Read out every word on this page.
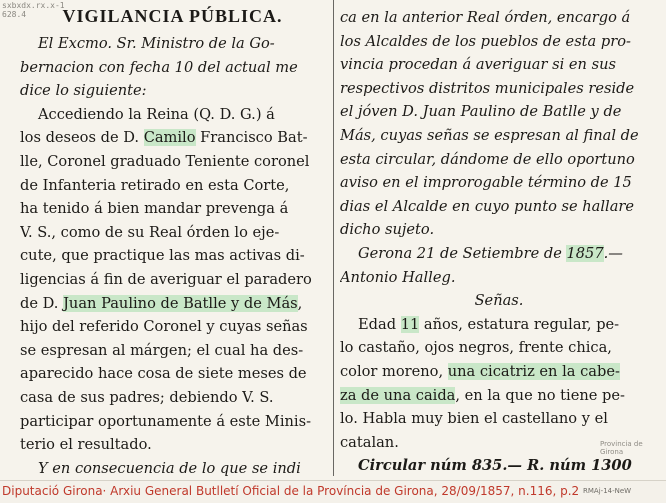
sxbxdx.rx.x-1
628.4	VIGILANCIA PÚBLICA.
El Excmo. Sr. Ministro de la Go-
bernacion con fecha 10 del actual me
dice lo siguiente:
Accediendo la Reina (Q. D. G.) á
los deseos de D. Camilo Francisco Bat-
lle, Coronel graduado Teniente coronel
de Infanteria retirado en esta Corte,
ha tenido á bien mandar prevenga á
V. S., como de su Real órden lo eje-
cute, que practique las mas activas di-
ligencias á fin de averiguar el paradero
de D. Juan Paulino de Batlle y de Más,
hijo del referido Coronel y cuyas señas
se espresan al márgen; el cual ha des-
aparecido hace cosa de siete meses de
casa de sus padres; debiendo V. S.
participar oportunamente á este Minis-
terio el resultado.
Y en consecuencia de lo que se indi
ca en la anterior Real órden, encargo á
los Alcaldes de los pueblos de esta pro-
vincia procedan á averiguar si en sus
respectivos distritos municipales reside
el jóven D. Juan Paulino de Batlle y de
Más, cuyas señas se espresan al final de
esta circular, dándome de ello oportuno
aviso en el improrogable término de 15
dias el Alcalde en cuyo punto se hallare
dicho sujeto.
Gerona 21 de Setiembre de 1857.—
Antonio Halleg.
Señas.
Edad 11 años, estatura regular, pe-
lo castaño, ojos negros, frente chica,
color moreno, una cicatriz en la cabe-
za de una caida, en la que no tiene pe-
lo. Habla muy bien el castellano y el
catalan.
Circular núm 835.— R. núm 1300
Provincia de Girona
Diputació Girona· Arxiu General Butlletí Oficial de la Província de Girona, 28/09/1857, n.116, p.2 RMAj-14-NeW
